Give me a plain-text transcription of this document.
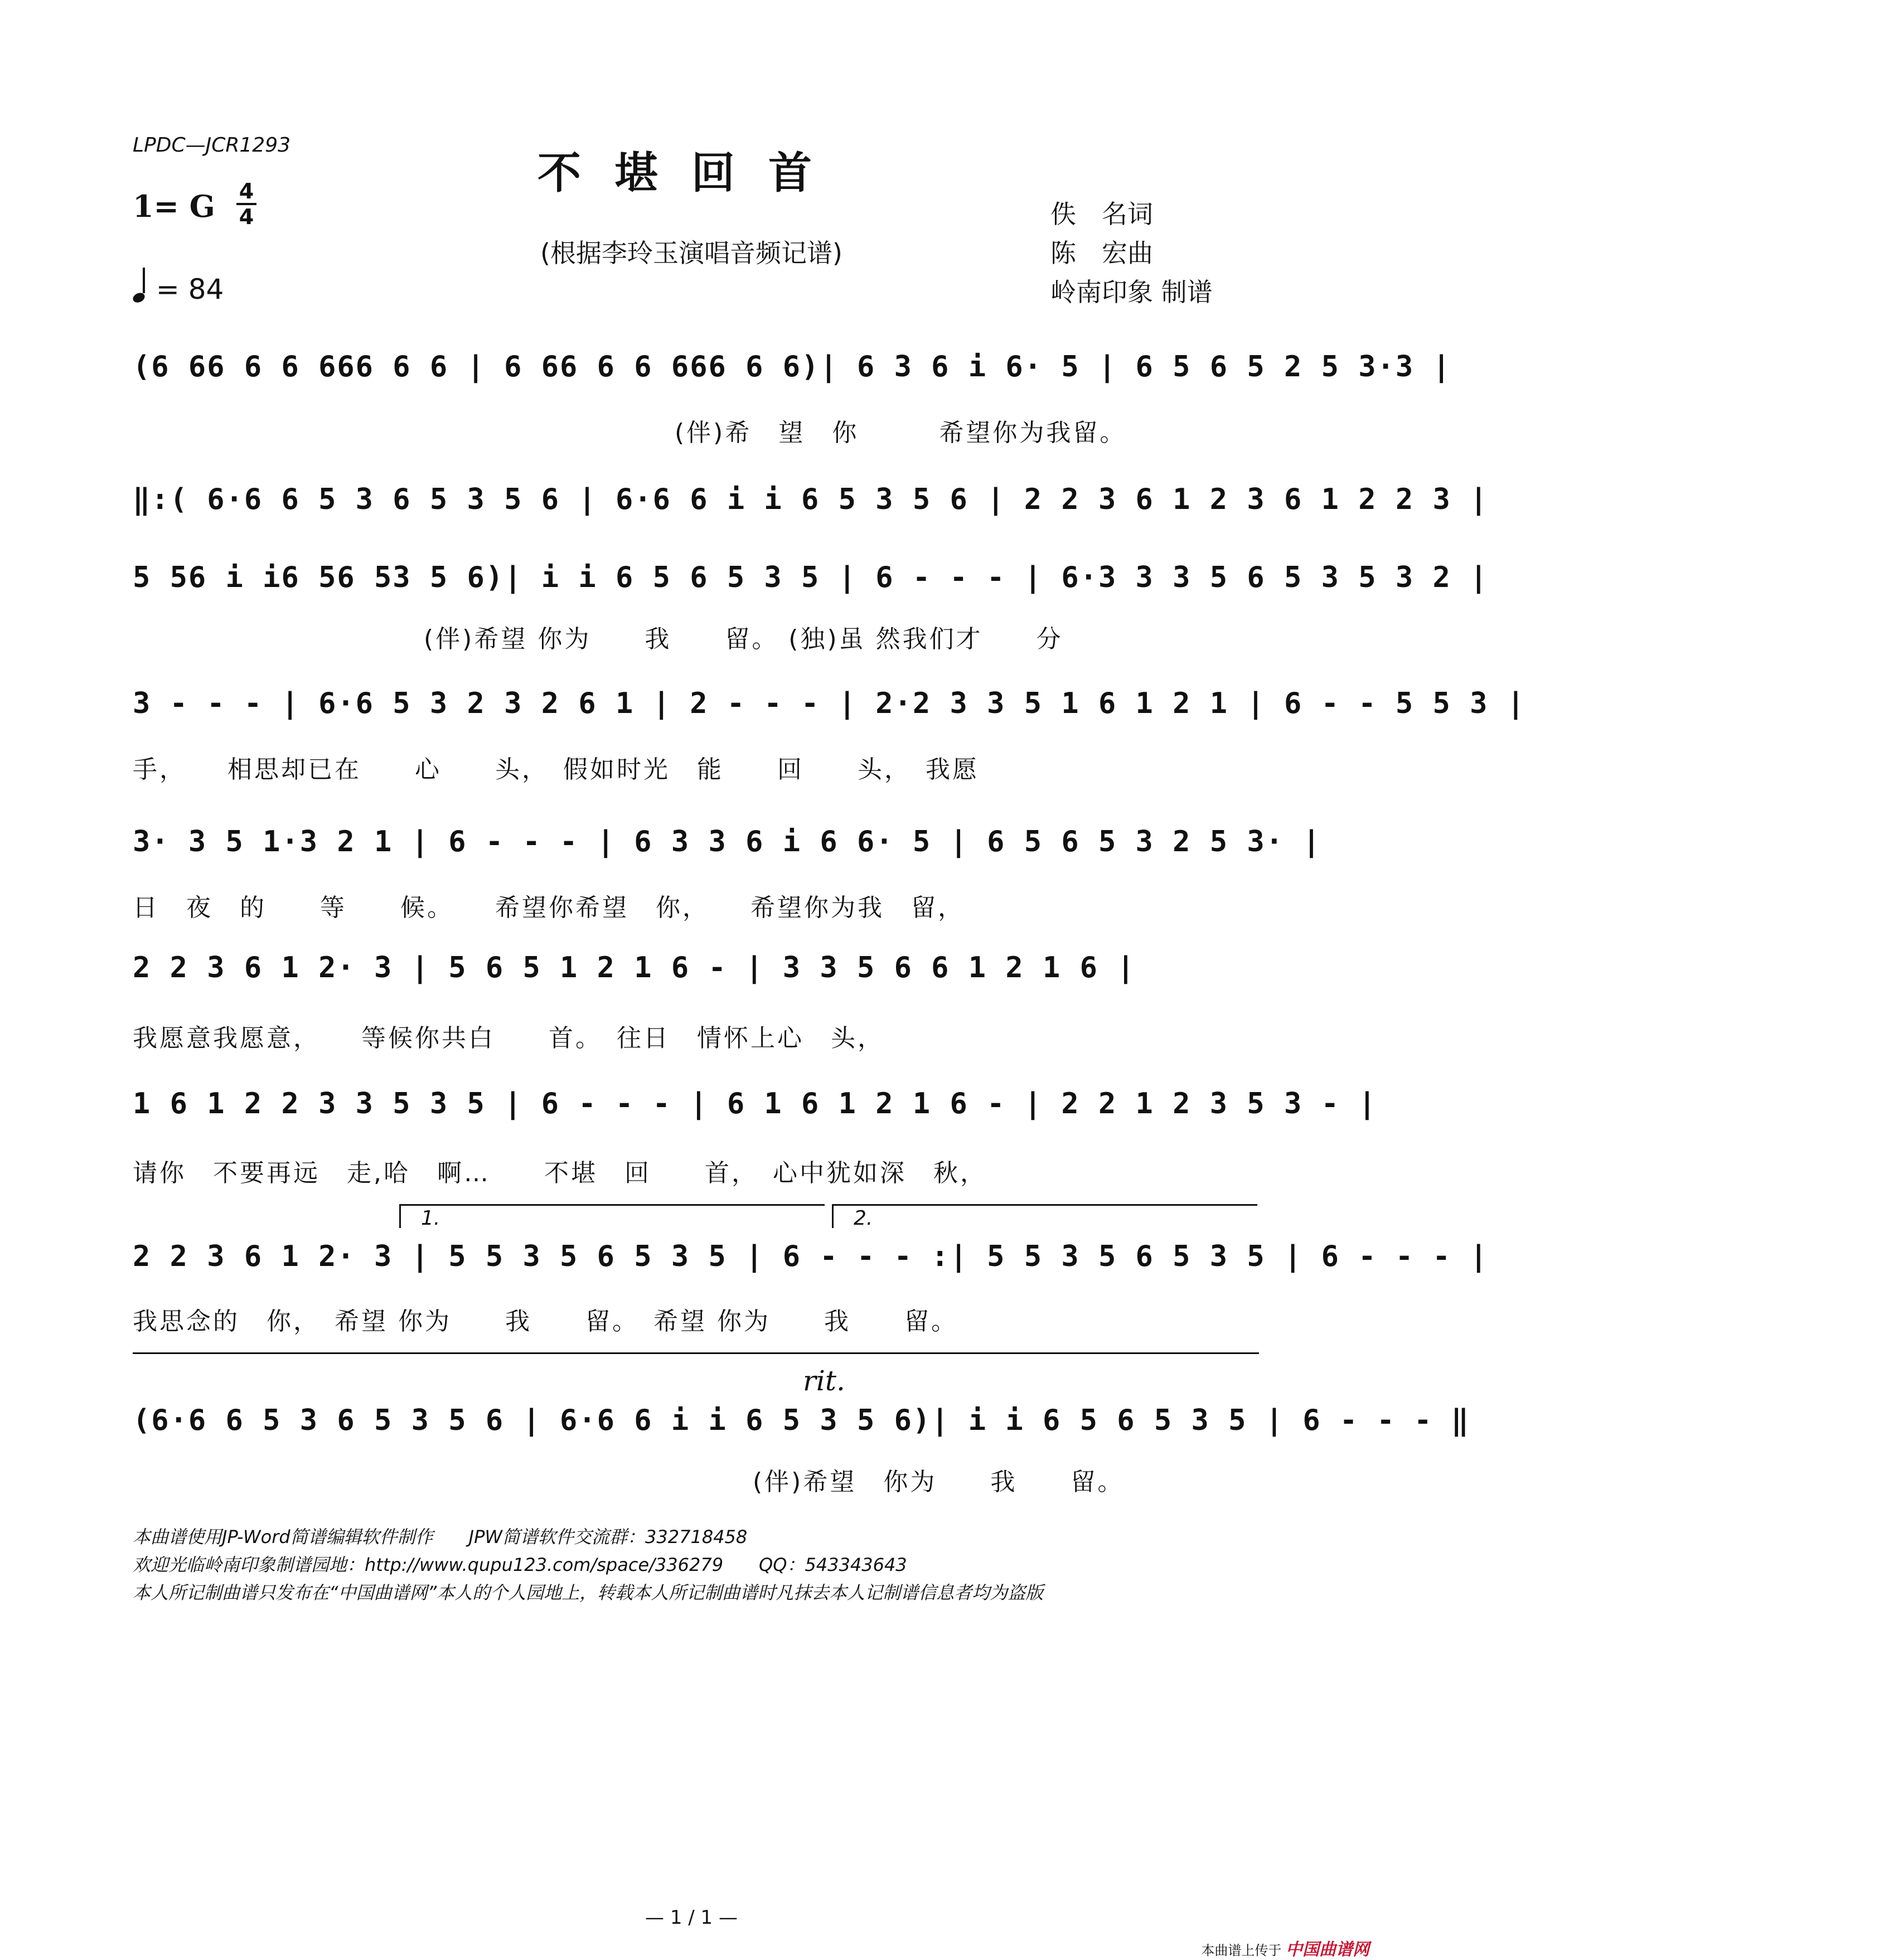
LPDC—JCR1293
不堪回首
1= G 4
4
(根据李玲玉演唱音频记谱)
佚　名词
陈　宏曲
岭南印象 制谱
= 84
(6 66 6 6 666 6 6 | 6 66 6 6 666 6 6)| 6 3 6 i 6· 5 | 6 5 6 5 2 5 3·3 |
(伴)希　望　你　　　希望你为我留。
‖:( 6·6 6 5 3 6 5 3 5 6 | 6·6 6 i i 6 5 3 5 6 | 2 2 3 6 1 2 3 6 1 2 2 3 |
5 56 i i6 56 53 5 6)| i i 6 5 6 5 3 5 | 6 - - - | 6·3 3 3 5 6 5 3 5 3 2 |
(伴)希望 你为　　我　　留。 (独)虽 然我们才　　分
3 - - - | 6·6 5 3 2 3 2 6 1 | 2 - - - | 2·2 3 3 5 1 6 1 2 1 | 6 - - 5 5 3 |
手，　　相思却已在　　心　　头，　假如时光　能　　回　　头，　我愿
3· 3 5 1·3 2 1 | 6 - - - | 6 3 3 6 i 6 6· 5 | 6 5 6 5 3 2 5 3· |
日　夜　的　　等　　候。　　希望你希望　你，　　希望你为我　留，
2 2 3 6 1 2· 3 | 5 6 5 1 2 1 6 - | 3 3 5 6 6 1 2 1 6 |
我愿意我愿意，　　等候你共白　　首。　往日　情怀上心　头，
1 6 1 2 2 3 3 5 3 5 | 6 - - - | 6 1 6 1 2 1 6 - | 2 2 1 2 3 5 3 - |
请你　不要再远　走,哈　啊…　　不堪　回　　首，　心中犹如深　秋，
1.	2.
2 2 3 6 1 2· 3 | 5 5 3 5 6 5 3 5 | 6 - - - :| 5 5 3 5 6 5 3 5 | 6 - - - |
我思念的　你，　希望 你为　　我　　留。　希望 你为　　我　　留。
rit.
(6·6 6 5 3 6 5 3 5 6 | 6·6 6 i i 6 5 3 5 6)| i i 6 5 6 5 3 5 | 6 - - - ‖
(伴)希望　你为　　我　　留。
本曲谱使用JP-Word简谱编辑软件制作　　JPW简谱软件交流群：332718458
欢迎光临岭南印象制谱园地：http://www.qupu123.com/space/336279　　QQ：543343643
本人所记制曲谱只发布在“中国曲谱网”本人的个人园地上，转载本人所记制曲谱时凡抹去本人记制谱信息者均为盗版
— 1 / 1 —
本曲谱上传于 中国曲谱网
